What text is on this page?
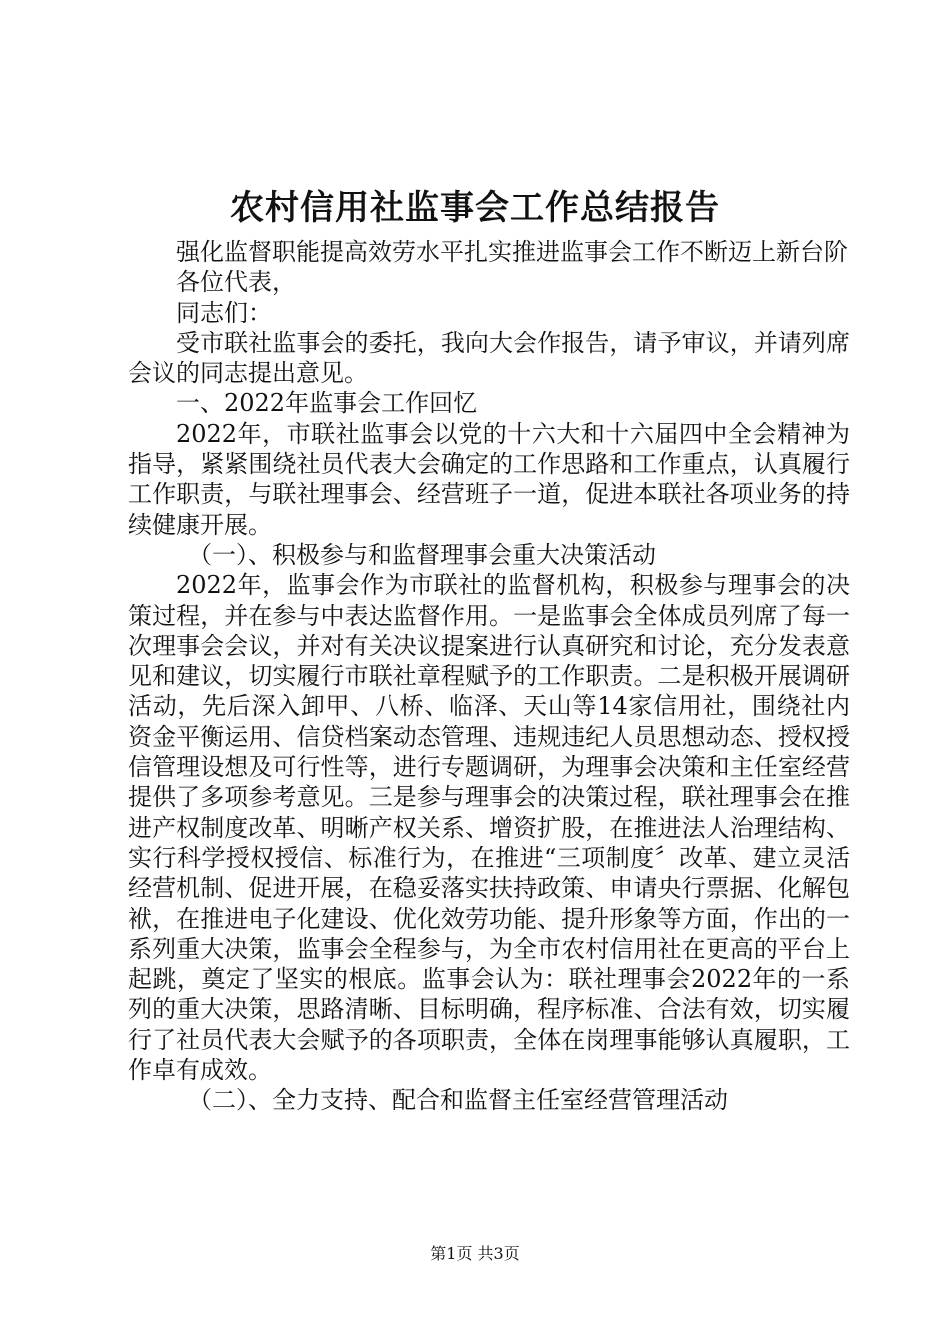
农村信用社监事会工作总结报告

强化监督职能提高效劳水平扎实推进监事会工作不断迈上新台阶

各位代表，

同志们：

受市联社监事会的委托，我向大会作报告，请予审议，并请列席会议的同志提出意见。

一、2022年监事会工作回忆

2022年，市联社监事会以党的十六大和十六届四中全会精神为指导，紧紧围绕社员代表大会确定的工作思路和工作重点，认真履行工作职责，与联社理事会、经营班子一道，促进本联社各项业务的持续健康开展。

（一）、积极参与和监督理事会重大决策活动

2022年，监事会作为市联社的监督机构，积极参与理事会的决策过程，并在参与中表达监督作用。一是监事会全体成员列席了每一次理事会会议，并对有关决议提案进行认真研究和讨论，充分发表意见和建议，切实履行市联社章程赋予的工作职责。二是积极开展调研活动，先后深入卸甲、八桥、临泽、天山等14家信用社，围绕社内资金平衡运用、信贷档案动态管理、违规违纪人员思想动态、授权授信管理设想及可行性等，进行专题调研，为理事会决策和主任室经营提供了多项参考意见。三是参与理事会的决策过程，联社理事会在推进产权制度改革、明晰产权关系、增资扩股，在推进法人治理结构、实行科学授权授信、标准行为，在推进“三项制度〞改革、建立灵活经营机制、促进开展，在稳妥落实扶持政策、申请央行票据、化解包袱，在推进电子化建设、优化效劳功能、提升形象等方面，作出的一系列重大决策，监事会全程参与，为全市农村信用社在更高的平台上起跳，奠定了坚实的根底。监事会认为：联社理事会2022年的一系列的重大决策，思路清晰、目标明确，程序标准、合法有效，切实履行了社员代表大会赋予的各项职责，全体在岗理事能够认真履职，工作卓有成效。

（二）、全力支持、配合和监督主任室经营管理活动

第1页 共3页
